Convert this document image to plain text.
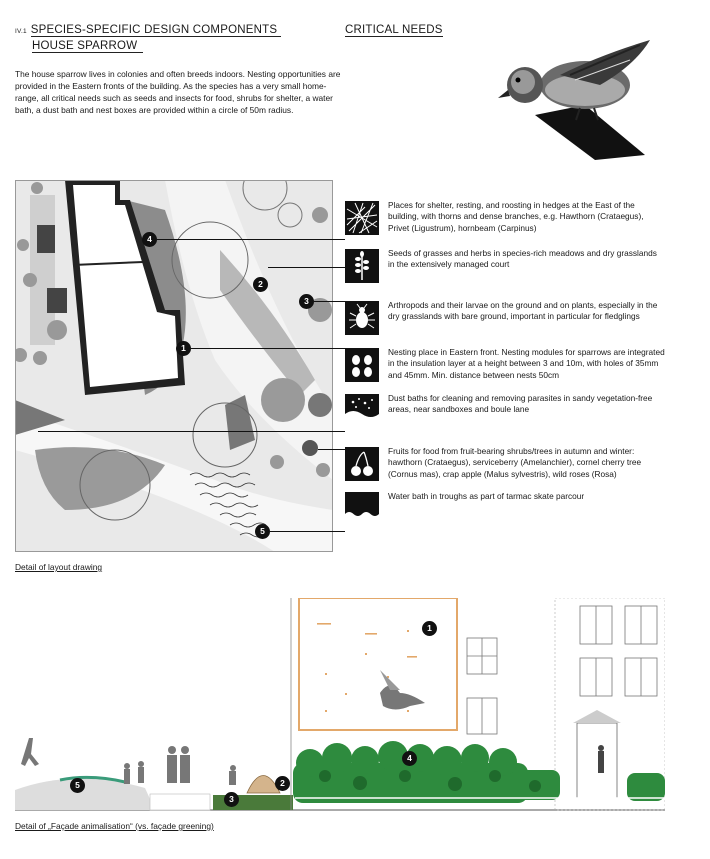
IV.1 SPECIES-SPECIFIC DESIGN COMPONENTS
HOUSE SPARROW
CRITICAL NEEDS
The house sparrow lives in colonies and often breeds indoors. Nesting opportunities are provided in the Eastern fronts of the building. As the species has a very small home-range, all critical needs such as seeds and insects for food, shrubs for shelter, a water bath, a dust bath and nest boxes are provided within a circle of 50m radius.
1
2
3
4
5
Detail of layout drawing
Places for shelter, resting, and roosting in hedges at the East of the building, with thorns and dense branches, e.g. Hawthorn (Crataegus), Privet (Ligustrum), hornbeam (Carpinus)
Seeds of grasses and herbs in species-rich meadows and dry grasslands in the extensively managed court
Arthropods and their larvae on the ground and on plants, especially in the dry grasslands with bare ground, important in particular for fledglings
Nesting place in Eastern front. Nesting modules for sparrows are integrated in the insulation layer at a height between 3 and 10m, with holes of 35mm and 45mm. Min. distance between nests 50cm
Dust baths for cleaning and removing parasites in sandy vegetation-free areas, near sandboxes and boule lane
Fruits for food from fruit-bearing shrubs/trees in autumn and winter: hawthorn (Crataegus), serviceberry (Amelanchier), cornel cherry tree (Cornus mas), crap apple (Malus sylvestris), wild roses (Rosa)
Water bath in troughs as part of tarmac skate parcour
1
2
3
4
5
Detail of „Façade animalisation“ (vs. façade greening)
